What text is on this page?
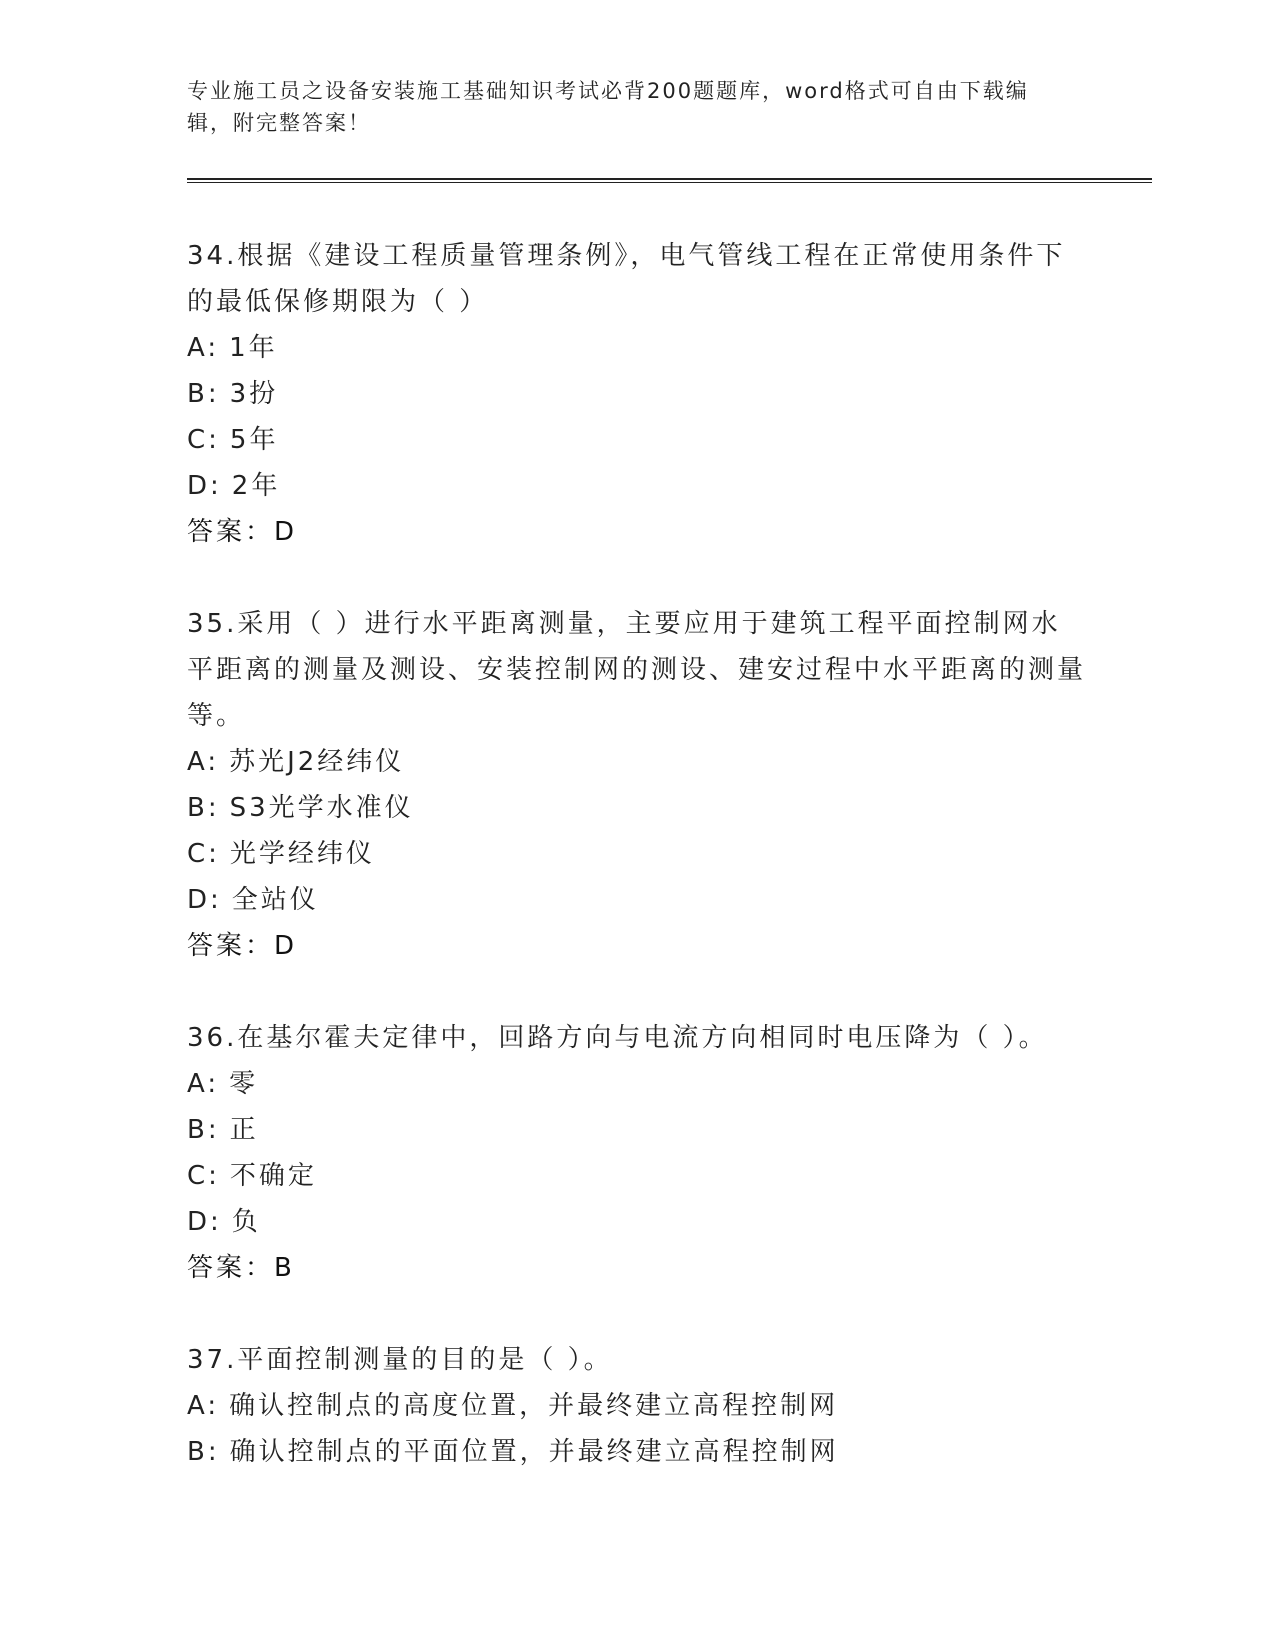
专业施工员之设备安装施工基础知识考试必背200题题库，word格式可自由下载编辑，附完整答案！

34.根据《建设工程质量管理条例》，电气管线工程在正常使用条件下的最低保修期限为（ ）

A: 1年

B: 3扮

C: 5年

D: 2年

答案：D

35.采用（ ）进行水平距离测量，主要应用于建筑工程平面控制网水平距离的测量及测设、安装控制网的测设、建安过程中水平距离的测量等。

A: 苏光J2经纬仪

B: S3光学水准仪

C: 光学经纬仪

D: 全站仪

答案：D

36.在基尔霍夫定律中，回路方向与电流方向相同时电压降为（ ）。

A: 零

B: 正

C: 不确定

D: 负

答案：B

37.平面控制测量的目的是（ ）。

A: 确认控制点的高度位置，并最终建立高程控制网

B: 确认控制点的平面位置，并最终建立高程控制网
